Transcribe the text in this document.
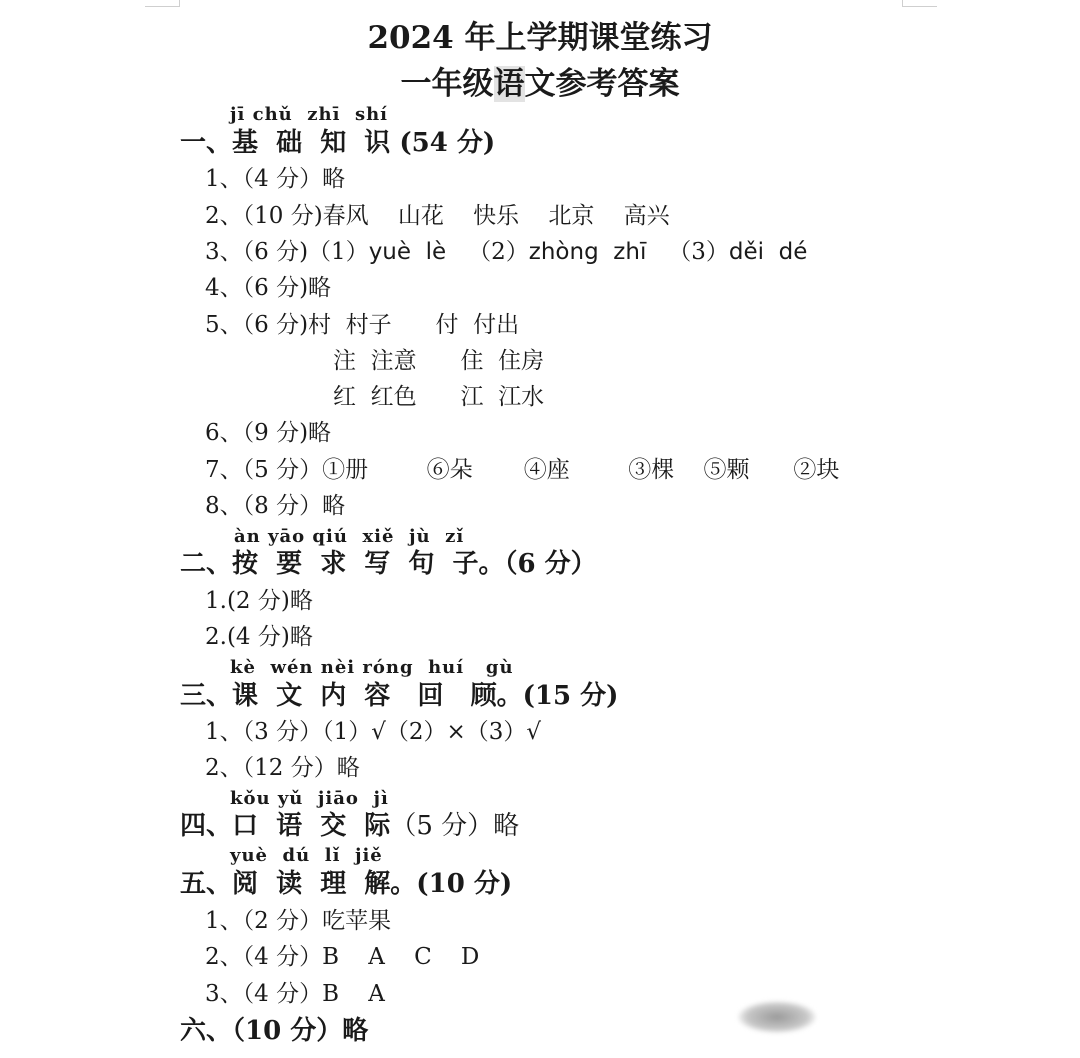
2024 年上学期课堂练习
一年级语文参考答案
jī chǔ  zhī  shí
一、基  础  知  识 (54 分)
1、（4 分）略
2、（10 分)春风    山花    快乐    北京    高兴
3、（6 分)（1）yuè  lè   （2）zhòng  zhī   （3）děi  dé
4、（6 分)略
5、（6 分)村  村子      付  付出
注  注意      住  住房
红  红色      江  江水
6、（9 分)略
7、（5 分）①册        ⑥朵       ④座        ③棵    ⑤颗      ②块
8、（8 分）略
àn yāo qiú  xiě  jù  zǐ
二、按  要  求  写  句  子。（6 分）
1.(2 分)略
2.(4 分)略
kè  wén nèi róng  huí   gù
三、课  文  内  容   回   顾。(15 分)
1、（3 分）（1）√（2）×（3）√
2、（12 分）略
kǒu yǔ  jiāo  jì
四、口  语  交  际（5 分）略
yuè  dú  lǐ  jiě
五、阅  读  理  解。(10 分)
1、（2 分）吃苹果
2、（4 分）B    A    C    D
3、（4 分）B    A
六、（10 分）略
